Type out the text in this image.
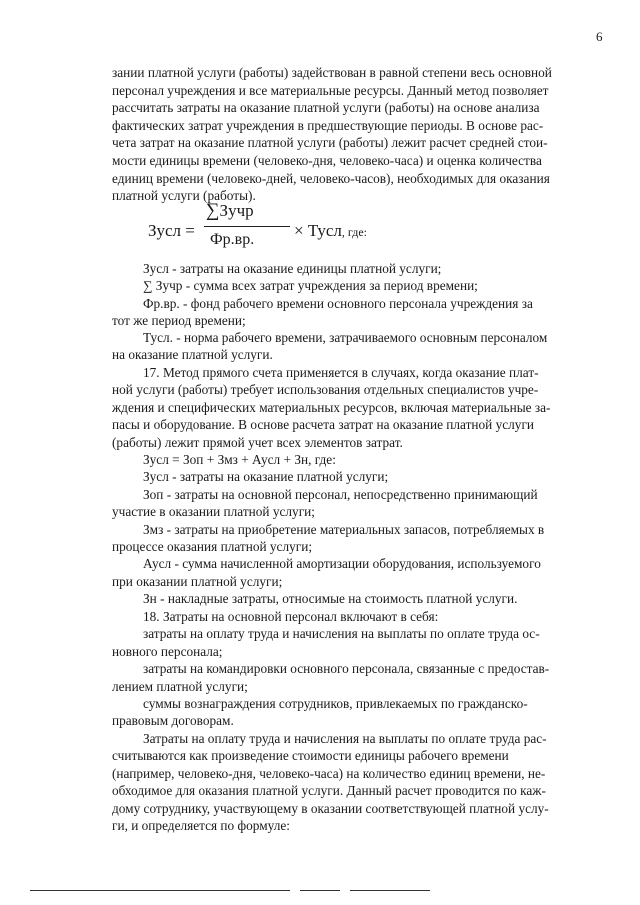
6
зании платной услуги (работы) задействован в равной степени весь основной
персонал учреждения и все материальные ресурсы. Данный метод позволяет
рассчитать затраты на оказание платной услуги (работы) на основе анализа
фактических затрат учреждения в предшествующие периоды. В основе рас-
чета затрат на оказание платной услуги (работы) лежит расчет средней стои-
мости единицы времени (человеко-дня, человеко-часа) и оценка количества
единиц времени (человеко-дней, человеко-часов), необходимых для оказания
платной услуги (работы).
Зусл =
∑Зучр
Фр.вр. × Тусл, где:
Зусл - затраты на оказание единицы платной услуги;
∑ Зучр - сумма всех затрат учреждения за период времени;
Фр.вр. - фонд рабочего времени основного персонала учреждения за
тот же период времени;
Тусл. - норма рабочего времени, затрачиваемого основным персоналом
на оказание платной услуги.
17. Метод прямого счета применяется в случаях, когда оказание плат-
ной услуги (работы) требует использования отдельных специалистов учре-
ждения и специфических материальных ресурсов, включая материальные за-
пасы и оборудование. В основе расчета затрат на оказание платной услуги
(работы) лежит прямой учет всех элементов затрат.
Зусл = Зоп + Змз + Аусл + Зн, где:
Зусл - затраты на оказание платной услуги;
Зоп - затраты на основной персонал, непосредственно принимающий
участие в оказании платной услуги;
Змз - затраты на приобретение материальных запасов, потребляемых в
процессе оказания платной услуги;
Аусл - сумма начисленной амортизации оборудования, используемого
при оказании платной услуги;
Зн - накладные затраты, относимые на стоимость платной услуги.
18. Затраты на основной персонал включают в себя:
затраты на оплату труда и начисления на выплаты по оплате труда ос-
новного персонала;
затраты на командировки основного персонала, связанные с предостав-
лением платной услуги;
суммы вознаграждения сотрудников, привлекаемых по гражданско-
правовым договорам.
Затраты на оплату труда и начисления на выплаты по оплате труда рас-
считываются как произведение стоимости единицы рабочего времени
(например, человеко-дня, человеко-часа) на количество единиц времени, не-
обходимое для оказания платной услуги. Данный расчет проводится по каж-
дому сотруднику, участвующему в оказании соответствующей платной услу-
ги, и определяется по формуле:
